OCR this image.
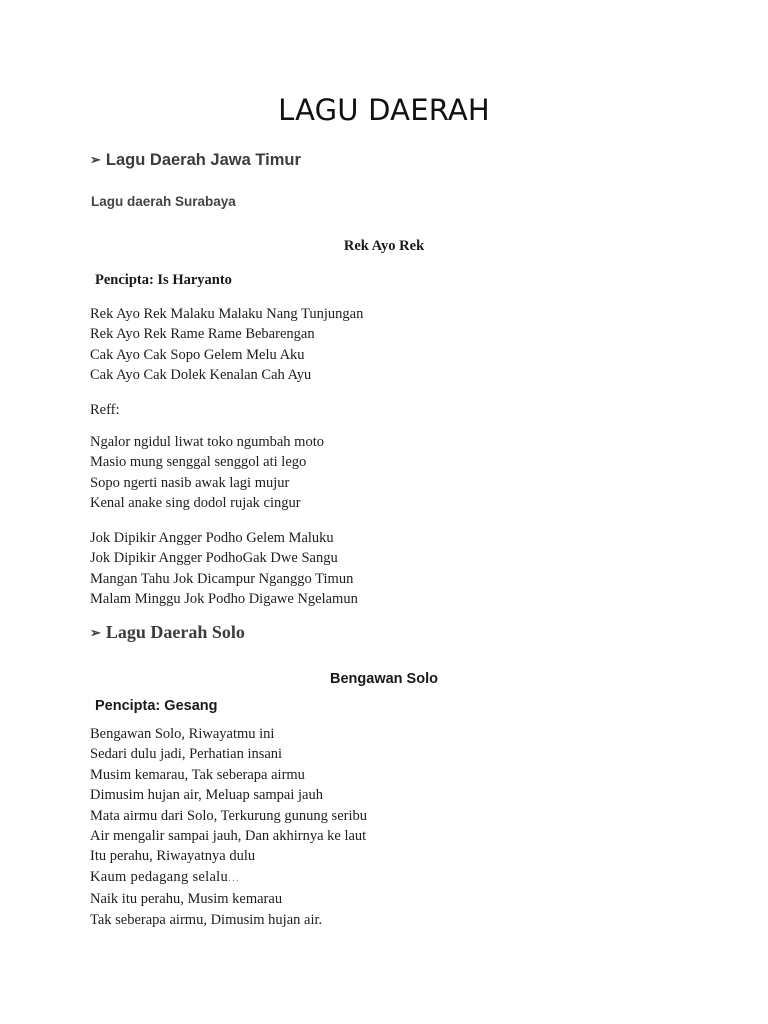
LAGU DAERAH
➢ Lagu Daerah Jawa Timur
Lagu daerah Surabaya
Rek Ayo Rek
Pencipta: Is Haryanto
Rek Ayo Rek Malaku Malaku Nang Tunjungan
Rek Ayo Rek Rame Rame Bebarengan
Cak Ayo Cak Sopo Gelem Melu Aku
Cak Ayo Cak Dolek Kenalan Cah Ayu
Reff:
Ngalor ngidul liwat toko ngumbah moto
Masio mung senggal senggol ati lego
Sopo ngerti nasib awak lagi mujur
Kenal anake sing dodol rujak cingur
Jok Dipikir Angger Podho Gelem Maluku
Jok Dipikir Angger PodhoGak Dwe Sangu
Mangan Tahu Jok Dicampur Nganggo Timun
Malam Minggu Jok Podho Digawe Ngelamun
➢ Lagu Daerah Solo
Bengawan Solo
Pencipta: Gesang
Bengawan Solo, Riwayatmu ini
Sedari dulu jadi, Perhatian insani
Musim kemarau, Tak seberapa airmu
Dimusim hujan air, Meluap sampai jauh
Mata airmu dari Solo, Terkurung gunung seribu
Air mengalir sampai jauh, Dan akhirnya ke laut
Itu perahu, Riwayatnya dulu
Kaum pedagang selalu...
Naik itu perahu, Musim kemarau
Tak seberapa airmu, Dimusim hujan air.
